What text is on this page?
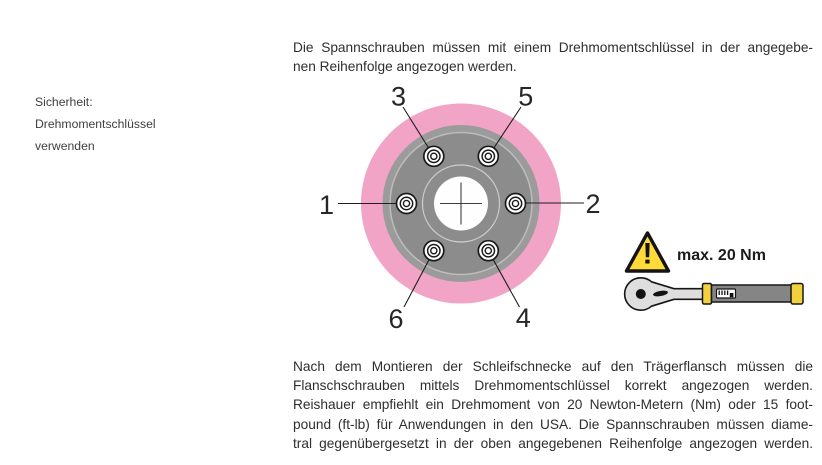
Sicherheit:
Drehmomentschlüssel
verwenden
Die Spannschrauben müssen mit einem Drehmomentschlüssel in der angegebe-
nen Reihenfolge angezogen werden.
1	2
3	5
6	4
! max. 20 Nm
Nach dem Montieren der Schleifschnecke auf den Trägerflansch müssen die
Flanschschrauben mittels Drehmomentschlüssel korrekt angezogen werden.
Reishauer empfiehlt ein Drehmoment von 20 Newton-Metern (Nm) oder 15 foot-
pound (ft-lb) für Anwendungen in den USA. Die Spannschrauben müssen diame-
tral gegenübergesetzt in der oben angegebenen Reihenfolge angezogen werden.
